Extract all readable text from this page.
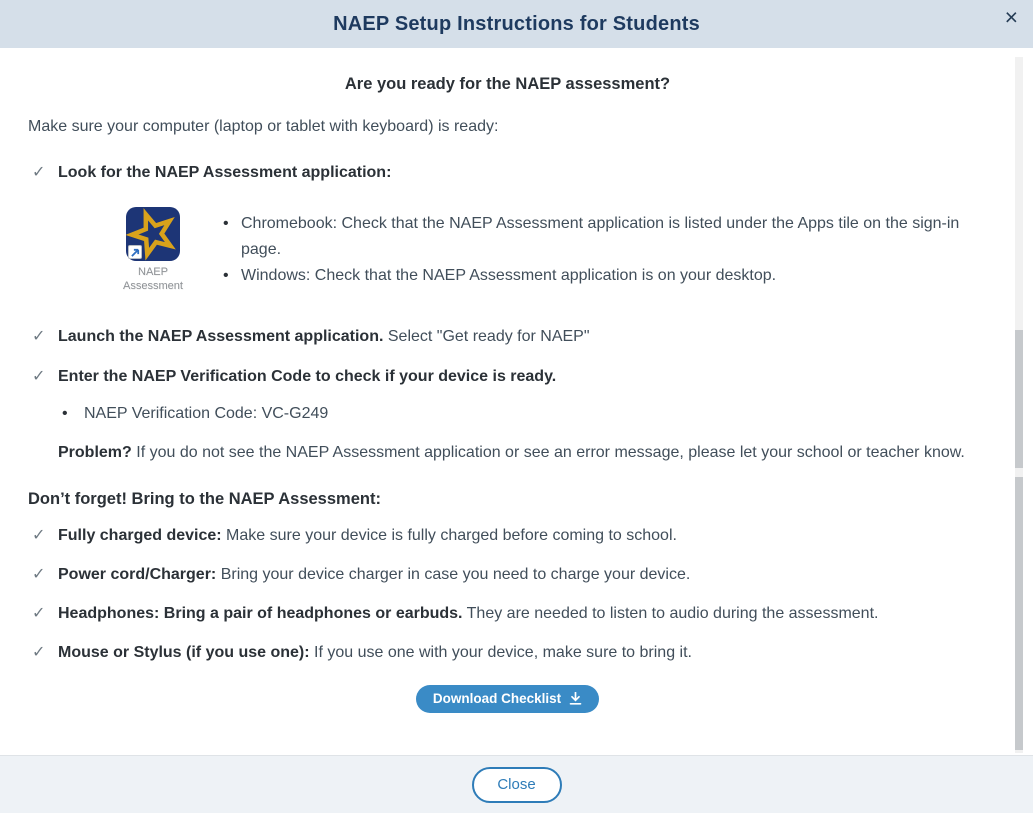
NAEP Setup Instructions for Students	×
Are you ready for the NAEP assessment?

Make sure your computer (laptop or tablet with keyboard) is ready:

✓ Look for the NAEP Assessment application:

NAEP
Assessment
• Chromebook: Check that the NAEP Assessment application is listed under the Apps tile on the sign-in page.
• Windows: Check that the NAEP Assessment application is on your desktop.
✓ Launch the NAEP Assessment application. Select "Get ready for NAEP"

✓ Enter the NAEP Verification Code to check if your device is ready.

•	NAEP Verification Code: VC-G249

Problem? If you do not see the NAEP Assessment application or see an error message, please let your school or teacher know.

Don’t forget! Bring to the NAEP Assessment:
✓ Fully charged device: Make sure your device is fully charged before coming to school.

✓ Power cord/Charger: Bring your device charger in case you need to charge your device.

✓ Headphones: Bring a pair of headphones or earbuds. They are needed to listen to audio during the assessment.

✓ Mouse or Stylus (if you use one): If you use one with your device, make sure to bring it.

Download Checklist
Close
